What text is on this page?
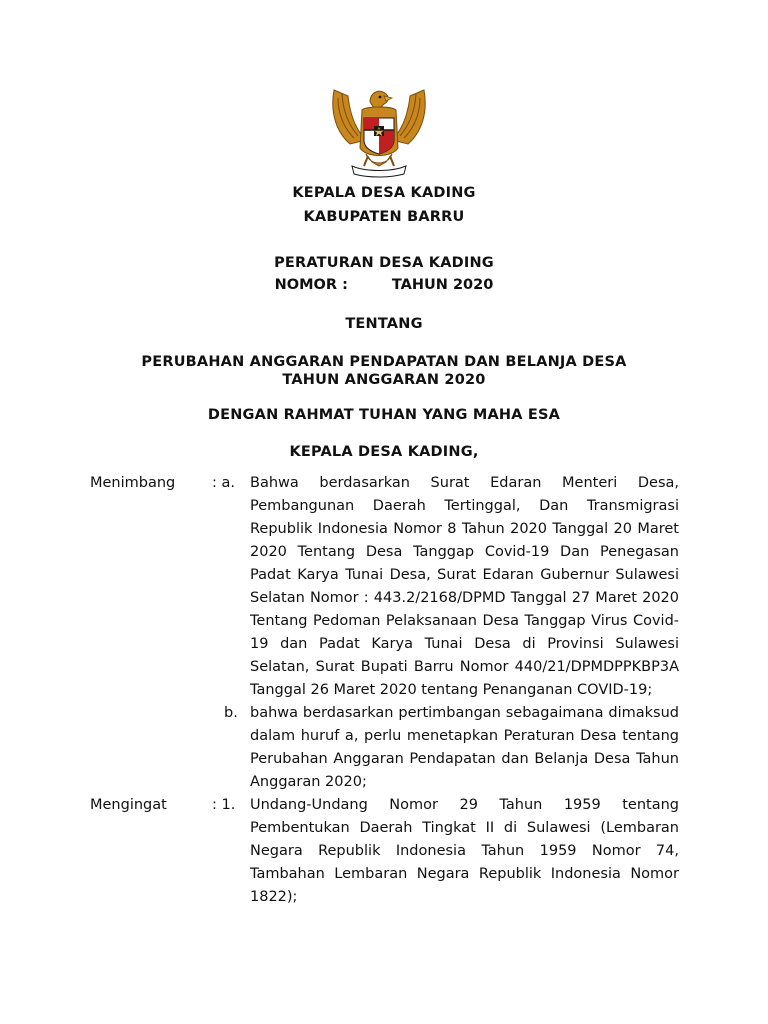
KEPALA DESA KADING

KABUPATEN BARRU

PERATURAN DESA KADING

NOMOR :	TAHUN 2020

TENTANG

PERUBAHAN ANGGARAN PENDAPATAN DAN BELANJA DESA

TAHUN ANGGARAN 2020

DENGAN RAHMAT TUHAN YANG MAHA ESA

KEPALA DESA KADING,

Menimbang	: a. Bahwa berdasarkan Surat Edaran Menteri Desa, Pembangunan Daerah Tertinggal, Dan Transmigrasi Republik Indonesia Nomor 8 Tahun 2020 Tanggal 20 Maret 2020 Tentang Desa Tanggap Covid-19 Dan Penegasan Padat Karya Tunai Desa, Surat Edaran Gubernur Sulawesi Selatan Nomor : 443.2/2168/DPMD Tanggal 27 Maret 2020 Tentang Pedoman Pelaksanaan Desa Tanggap Virus Covid-19 dan Padat Karya Tunai Desa di Provinsi Sulawesi Selatan, Surat Bupati Barru Nomor 440/21/DPMDPPKBP3A Tanggal 26 Maret 2020 tentang Penanganan COVID-19;
b. bahwa berdasarkan pertimbangan sebagaimana dimaksud dalam huruf a, perlu menetapkan Peraturan Desa tentang Perubahan Anggaran Pendapatan dan Belanja Desa Tahun Anggaran 2020;
Mengingat	: 1. Undang-Undang Nomor 29 Tahun 1959 tentang Pembentukan Daerah Tingkat II di Sulawesi (Lembaran Negara Republik Indonesia Tahun 1959 Nomor 74, Tambahan Lembaran Negara Republik Indonesia Nomor 1822);
